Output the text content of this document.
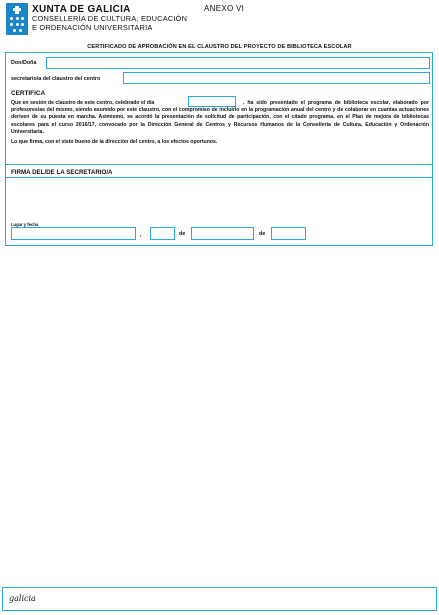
XUNTA DE GALICIA
CONSELLERÍA DE CULTURA, EDUCACIÓN
E ORDENACIÓN UNIVERSITARIA
ANEXO VI
CERTIFICADO DE APROBACIÓN EN EL CLAUSTRO DEL PROYECTO DE BIBLIOTECA ESCOLAR
Don/Doña
secretario/a del claustro del centro
CERTIFICA
Que en sesión de claustro de este centro, celebrado el día	, ha sido presentado el programa de biblioteca escolar, elaborado por profesores/as del mismo, siendo asumido por este claustro, con el compromiso de incluirlo en la programación anual del centro y de colaborar en cuantas actuaciones deriven de su puesta en marcha. Asimismo, se acordó la presentación de solicitud de participación, con el citado programa, en el Plan de mejora de bibliotecas escolares para el curso 2016/17, convocado por la Dirección General de Centros y Recursos Humanos de la Consellería de Cultura, Educación y Ordenación Universitaria.
Lo que firma, con el visto bueno de la dirección del centro, a los efectos oportunos.
FIRMA DEL/DE LA SECRETARIO/A
Lugar y fecha
,	de	de
galicia
